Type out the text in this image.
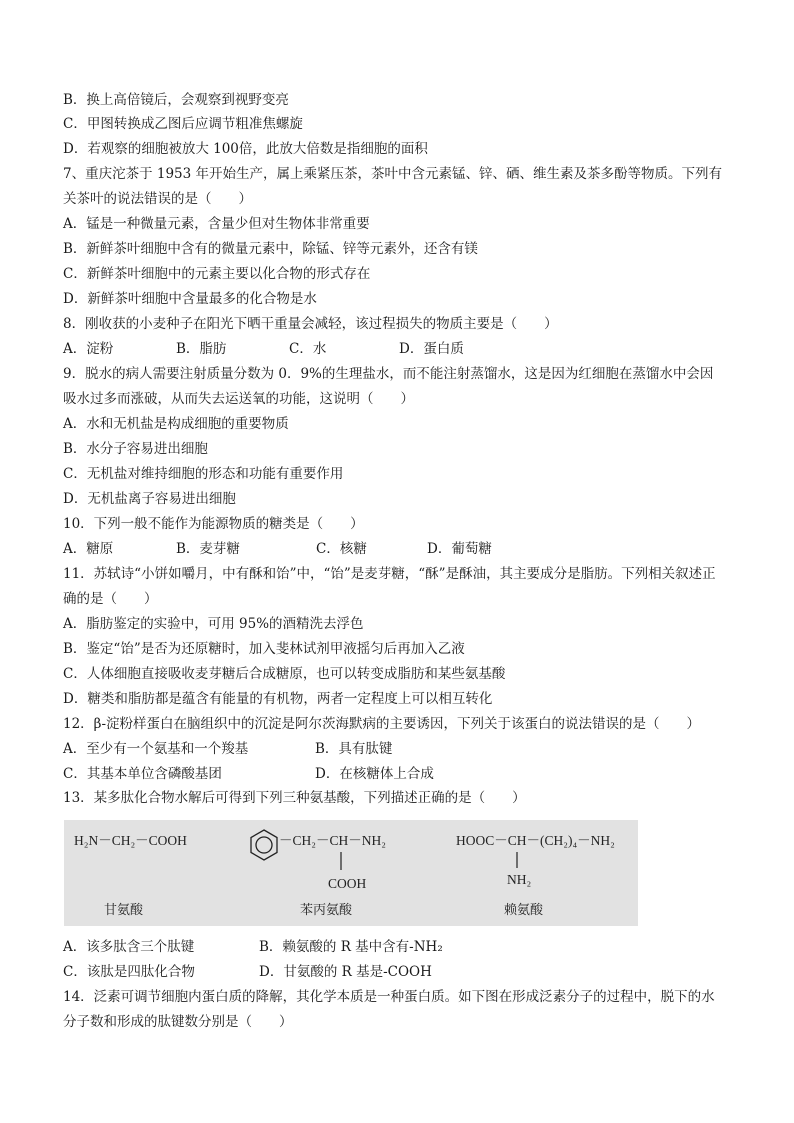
B．换上高倍镜后，会观察到视野变亮
C．甲图转换成乙图后应调节粗准焦螺旋
D．若观察的细胞被放大 100倍，此放大倍数是指细胞的面积
7、重庆沱茶于 1953 年开始生产，属上乘紧压茶，茶叶中含元素锰、锌、硒、维生素及茶多酚等物质。下列有
关茶叶的说法错误的是（　　）
A．锰是一种微量元素，含量少但对生物体非常重要
B．新鲜茶叶细胞中含有的微量元素中，除锰、锌等元素外，还含有镁
C．新鲜茶叶细胞中的元素主要以化合物的形式存在
D．新鲜茶叶细胞中含量最多的化合物是水
8．刚收获的小麦种子在阳光下晒干重量会减轻，该过程损失的物质主要是（　　）
A．淀粉	B．脂肪	C．水	D．蛋白质
9．脱水的病人需要注射质量分数为 0．9%的生理盐水，而不能注射蒸馏水，这是因为红细胞在蒸馏水中会因
吸水过多而涨破，从而失去运送氧的功能，这说明（　　）
A．水和无机盐是构成细胞的重要物质
B．水分子容易进出细胞
C．无机盐对维持细胞的形态和功能有重要作用
D．无机盐离子容易进出细胞
10．下列一般不能作为能源物质的糖类是（　　）
A．糖原	B．麦芽糖	C．核糖	D．葡萄糖
11．苏轼诗“小饼如嚼月，中有酥和饴”中，“饴”是麦芽糖，“酥”是酥油，其主要成分是脂肪。下列相关叙述正
确的是（　　）
A．脂肪鉴定的实验中，可用 95%的酒精洗去浮色
B．鉴定“饴”是否为还原糖时，加入斐林试剂甲液摇匀后再加入乙液
C．人体细胞直接吸收麦芽糖后合成糖原，也可以转变成脂肪和某些氨基酸
D．糖类和脂肪都是蕴含有能量的有机物，两者一定程度上可以相互转化
12．β-淀粉样蛋白在脑组织中的沉淀是阿尔茨海默病的主要诱因，下列关于该蛋白的说法错误的是（　　）
A．至少有一个氨基和一个羧基	B．具有肽键
C．其基本单位含磷酸基团	D．在核糖体上合成
13．某多肽化合物水解后可得到下列三种氨基酸，下列描述正确的是（　　）
H₂N－CH₂－COOH
甘氨酸
－CH₂－CH－NH₂
COOH
苯丙氨酸
HOOC－CH－(CH₂)₄－NH₂
NH₂
赖氨酸
A．该多肽含三个肽键	B．赖氨酸的 R 基中含有-NH₂
C．该肽是四肽化合物	D．甘氨酸的 R 基是-COOH
14．泛素可调节细胞内蛋白质的降解，其化学本质是一种蛋白质。如下图在形成泛素分子的过程中，脱下的水
分子数和形成的肽键数分别是（　　）
